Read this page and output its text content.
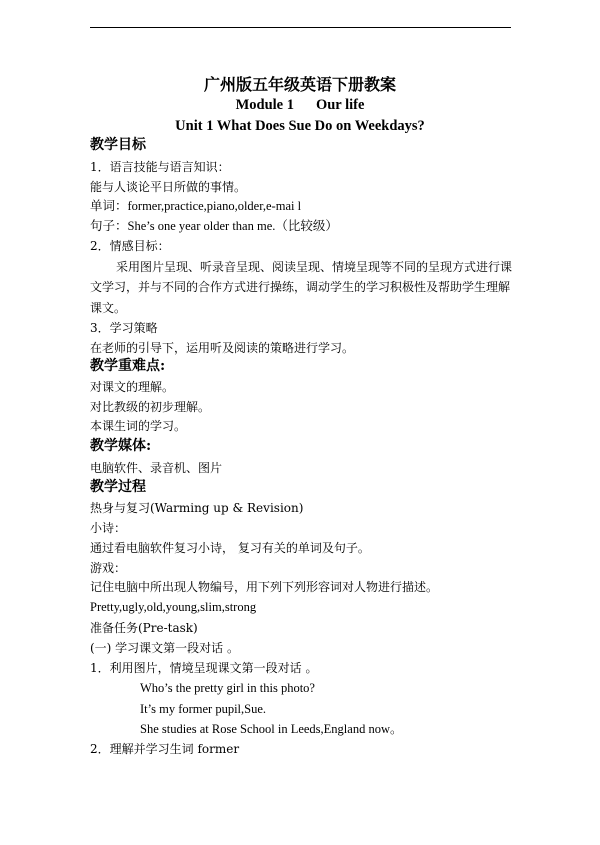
广州版五年级英语下册教案
Module 1 Our life
Unit 1 What Does Sue Do on Weekdays?
教学目标
1．语言技能与语言知识：
能与人谈论平日所做的事情。
单词：former,practice,piano,older,e-mai l
句子：She’s one year older than me.（比较级）
2．情感目标：
采用图片呈现、听录音呈现、阅读呈现、情境呈现等不同的呈现方式进行课
文学习，并与不同的合作方式进行操练，调动学生的学习积极性及帮助学生理解
课文。
3．学习策略
在老师的引导下，运用听及阅读的策略进行学习。
教学重难点:
对课文的理解。
对比教级的初步理解。
本课生词的学习。
教学媒体:
电脑软件、录音机、图片
教学过程
热身与复习(Warming up & Revision)
小诗：
通过看电脑软件复习小诗， 复习有关的单词及句子。
游戏：
记住电脑中所出现人物编号，用下列下列形容词对人物进行描述。
Pretty,ugly,old,young,slim,strong
准备任务(Pre-task)
(一) 学习课文第一段对话 。
1．利用图片，情境呈现课文第一段对话 。
Who’s the pretty girl in this photo?
It’s my former pupil,Sue.
She studies at Rose School in Leeds,England now。
2．理解并学习生词 former
